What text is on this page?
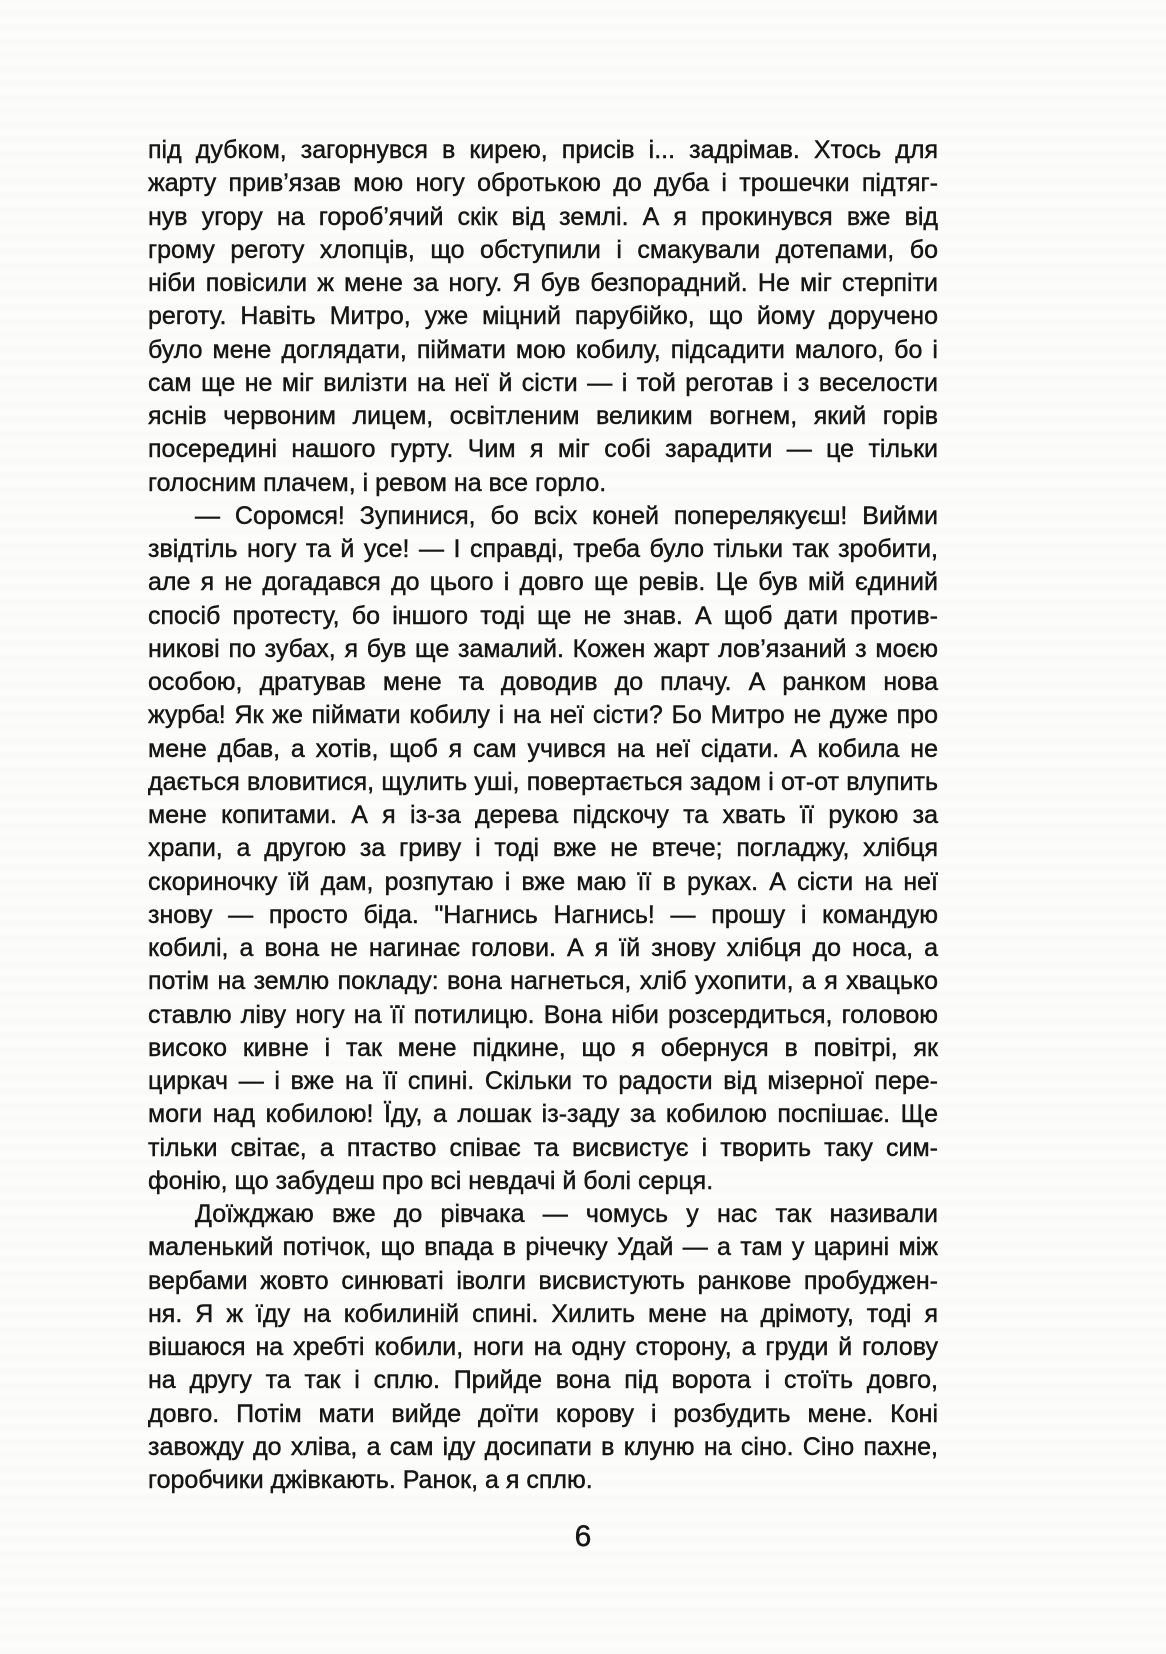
під дубком, загорнувся в кирею, присів і... задрімав. Хтось для
жарту прив’язав мою ногу обротькою до дуба і трошечки підтяг-
нув угору на гороб’ячий скік від землі. А я прокинувся вже від
грому реготу хлопців, що обступили і смакували дотепами, бо
ніби повісили ж мене за ногу. Я був безпорадний. Не міг стерпіти
реготу. Навіть Митро, уже міцний парубійко, що йому доручено
було мене доглядати, піймати мою кобилу, підсадити малого, бо і
сам ще не міг вилізти на неї й сісти — і той реготав і з веселости
яснів червоним лицем, освітленим великим вогнем, який горів
посередині нашого гурту. Чим я міг собі зарадити — це тільки
голосним плачем, і ревом на все горло.
— Соромся! Зупинися, бо всіх коней поперелякуєш! Вийми
звідтіль ногу та й усе! — І справді, треба було тільки так зробити,
але я не догадався до цього і довго ще ревів. Це був мій єдиний
спосіб протесту, бо іншого тоді ще не знав. А щоб дати против-
никові по зубах, я був ще замалий. Кожен жарт лов’язаний з моєю
особою, дратував мене та доводив до плачу. А ранком нова
журба! Як же піймати кобилу і на неї сісти? Бо Митро не дуже про
мене дбав, а хотів, щоб я сам учився на неї сідати. А кобила не
дається вловитися, щулить уші, повертається задом і от-от влупить
мене копитами. А я із-за дерева підскочу та хвать її рукою за
храпи, а другою за гриву і тоді вже не втече; погладжу, хлібця
скориночку їй дам, розпутаю і вже маю її в руках. А сісти на неї
знову — просто біда. "Нагнись Нагнись! — прошу і командую
кобилі, а вона не нагинає голови. А я їй знову хлібця до носа, а
потім на землю покладу: вона нагнеться, хліб ухопити, а я хвацько
ставлю ліву ногу на її потилицю. Вона ніби розсердиться, головою
високо кивне і так мене підкине, що я обернуся в повітрі, як
циркач — і вже на її спині. Скільки то радости від мізерної пере-
моги над кобилою! Їду, а лошак із-заду за кобилою поспішає. Ще
тільки світає, а птаство співає та висвистує і творить таку сим-
фонію, що забудеш про всі невдачі й болі серця.
Доїжджаю вже до рівчака — чомусь у нас так називали
маленький потічок, що впада в річечку Удай — а там у царині між
вербами жовто синюваті іволги висвистують ранкове пробуджен-
ня. Я ж їду на кобилиній спині. Хилить мене на дрімоту, тоді я
вішаюся на хребті кобили, ноги на одну сторону, а груди й голову
на другу та так і сплю. Прийде вона під ворота і стоїть довго,
довго. Потім мати вийде доїти корову і розбудить мене. Коні
завожду до хліва, а сам іду досипати в клуню на сіно. Сіно пахне,
горобчики джівкають. Ранок, а я сплю.
6
